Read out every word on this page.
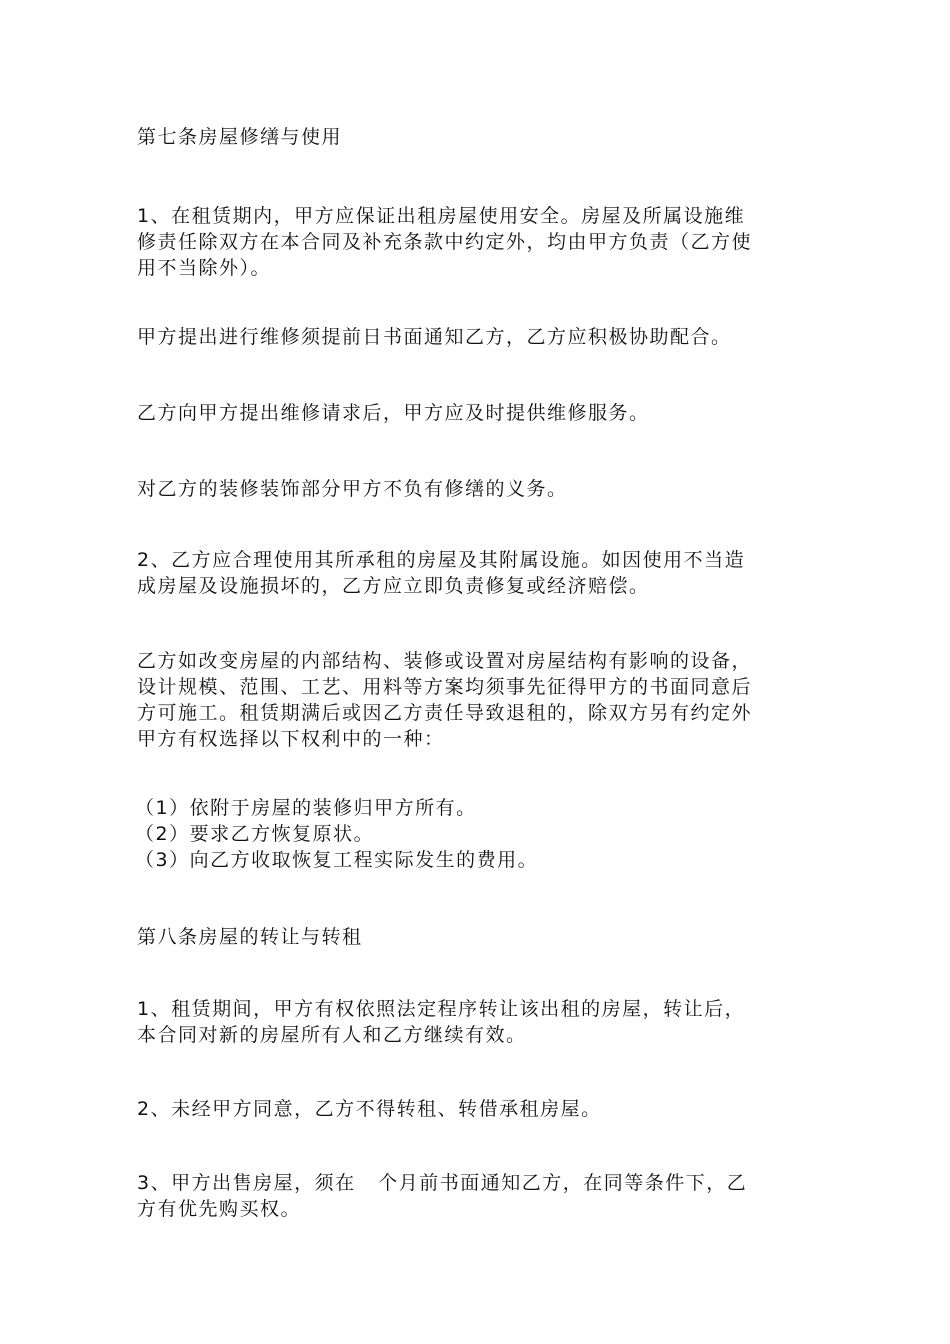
第七条房屋修缮与使用

1、在租赁期内，甲方应保证出租房屋使用安全。房屋及所属设施维
修责任除双方在本合同及补充条款中约定外，均由甲方负责（乙方使
用不当除外）。

甲方提出进行维修须提前日书面通知乙方，乙方应积极协助配合。

乙方向甲方提出维修请求后，甲方应及时提供维修服务。

对乙方的装修装饰部分甲方不负有修缮的义务。

2、乙方应合理使用其所承租的房屋及其附属设施。如因使用不当造
成房屋及设施损坏的，乙方应立即负责修复或经济赔偿。

乙方如改变房屋的内部结构、装修或设置对房屋结构有影响的设备，
设计规模、范围、工艺、用料等方案均须事先征得甲方的书面同意后
方可施工。租赁期满后或因乙方责任导致退租的，除双方另有约定外
甲方有权选择以下权利中的一种：

（1）依附于房屋的装修归甲方所有。
（2）要求乙方恢复原状。
（3）向乙方收取恢复工程实际发生的费用。

第八条房屋的转让与转租

1、租赁期间，甲方有权依照法定程序转让该出租的房屋，转让后，
本合同对新的房屋所有人和乙方继续有效。

2、未经甲方同意，乙方不得转租、转借承租房屋。

3、甲方出售房屋，须在   个月前书面通知乙方，在同等条件下，乙
方有优先购买权。
